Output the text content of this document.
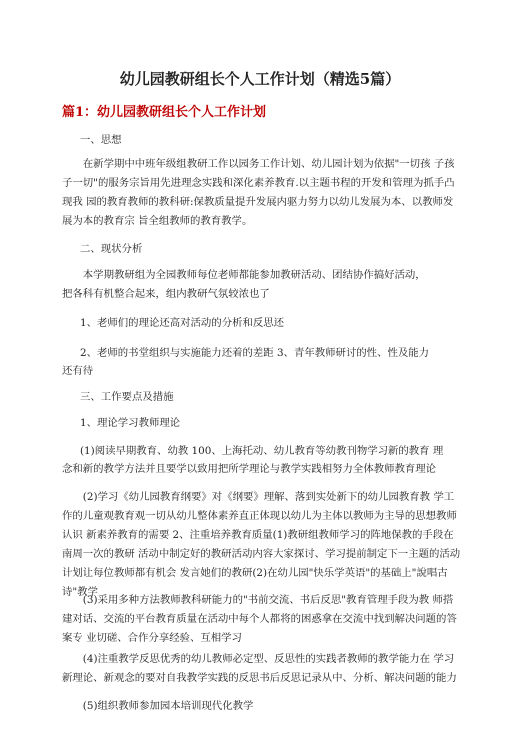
幼儿园教研组长个人工作计划（精选5篇）
篇1：幼儿园教研组长个人工作计划

一、思想

在新学期中中班年级组教研工作以园务工作计划、幼儿园计划为依据"一切孩 子孩子一切"的服务宗旨用先进理念实践和深化素养教育.以主题书程的开发和管理为抓手凸现我 园的教育教师的教科研:保教质量提升发展内驱力努力以幼儿发展为本、以教师发展为本的教育宗 旨全组教师的教育教学。

二、现状分析

本学期教研组为全园教师每位老师都能参加教研活动、团结协作搞好活动，

把各科有机整合起来，组内教研气氛较浓也了

1、老师们的理论还高对活动的分析和反思还

2、老师的书堂组织与实施能力还着的差距 3、青年教师研讨的性、性及能力

还有待

三、工作要点及措施

1、理论学习教师理论

(1)阅读早期教育、幼教 100、上海托动、幼儿教育等幼教刊物学习新的教育 理

念和新的教学方法并且要学以致用把所学理论与教学实践相努力全体教师教育理论

(2)学习《幼儿园教育纲要》对《纲要》理解、落到实处新下的幼儿园教育教 学工作的儿童观教育观一切从幼儿整体素养直正体现以幼儿为主体以教师为主导的思想教师认识 新素养教育的需要 2、注重培养教育质量(1)教研组教师学习的阵地保教的手段在南周一次的教研 活动中制定好的教研活动内容大家探讨、学习提前制定下一主题的活动计划让每位教师都有机会 发言她们的教研(2)在幼儿园"快乐学英语"的基础上"說唱古诗"教学

(3)采用多种方法教师教科研能力的"书前交流、书后反思"教育管理手段为教 师搭建对话、交流的平台教育质量在活动中每个人都将的困惑拿在交流中找到解决问题的答案专 业切磋、合作分享经验、互相学习

(4)注重教学反思优秀的幼儿教师必定型、反思性的实践者教师的教学能力在 学习新理论、新观念的要对自我教学实践的反思书后反思记录从中、分析、解决问题的能力

(5)组织教师参加园本培训现代化教学
